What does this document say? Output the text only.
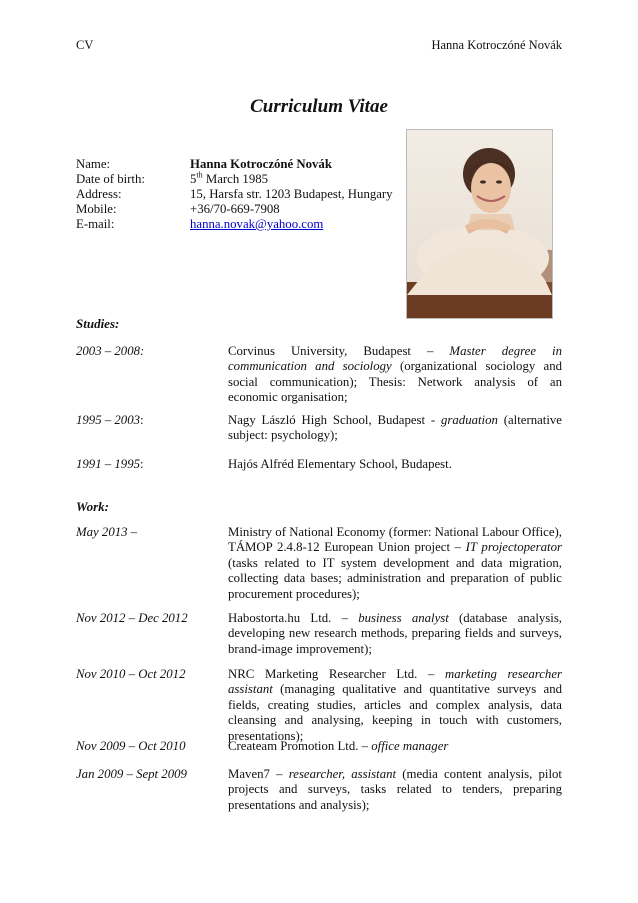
CV	Hanna Kotroczóné Novák
Curriculum Vitae
Name:	Hanna Kotroczóné Novák
Date of birth:	5th March 1985
Address:	15, Harsfa str. 1203 Budapest, Hungary
Mobile:	+36/70-669-7908
E-mail:	hanna.novak@yahoo.com
Studies:
2003 – 2008:	Corvinus University, Budapest – Master degree in communication and sociology (organizational sociology and social communication); Thesis: Network analysis of an economic organisation;
1995 – 2003:	Nagy László High School, Budapest - graduation (alternative subject: psychology);
1991 – 1995:	Hajós Alfréd Elementary School, Budapest.
Work:
May 2013 –	Ministry of National Economy (former: National Labour Office), TÁMOP 2.4.8-12 European Union project – IT projectoperator (tasks related to IT system development and data migration, collecting data bases; administration and preparation of public procurement procedures);
Nov 2012 – Dec 2012	Habostorta.hu Ltd. – business analyst (database analysis, developing new research methods, preparing fields and surveys, brand-image improvement);
Nov 2010 – Oct 2012	NRC Marketing Researcher Ltd. – marketing researcher assistant (managing qualitative and quantitative surveys and fields, creating studies, articles and complex analysis, data cleansing and analysing, keeping in touch with customers, presentations);
Nov 2009 – Oct 2010	Createam Promotion Ltd. – office manager
Jan 2009 – Sept 2009	Maven7 – researcher, assistant (media content analysis, pilot projects and surveys, tasks related to tenders, preparing presentations and analysis);
